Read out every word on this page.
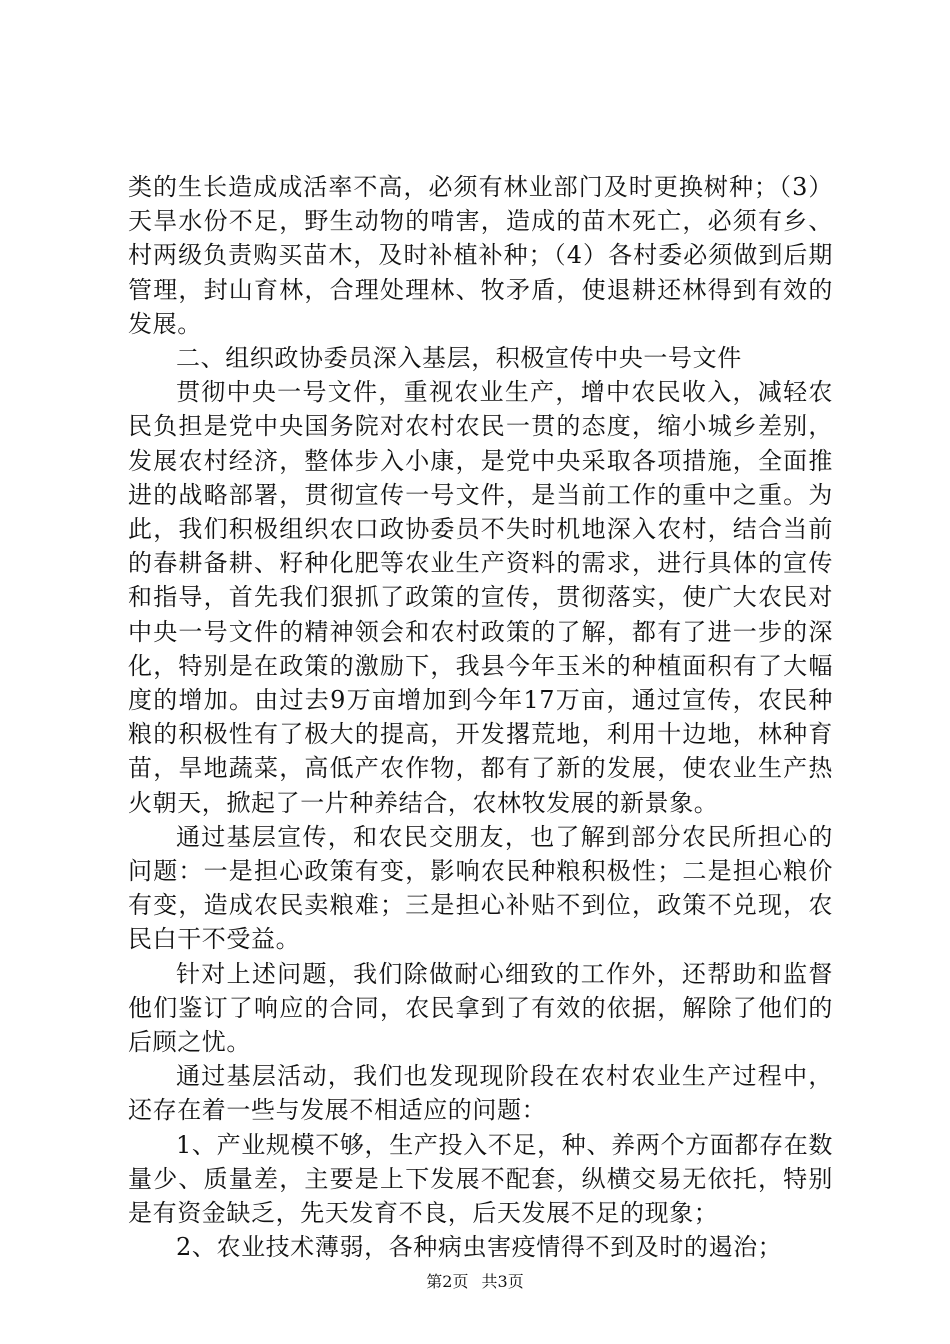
类的生长造成成活率不高，必须有林业部门及时更换树种；（3）天旱水份不足，野生动物的啃害，造成的苗木死亡，必须有乡、村两级负责购买苗木，及时补植补种；（4）各村委必须做到后期管理，封山育林，合理处理林、牧矛盾，使退耕还林得到有效的发展。

二、组织政协委员深入基层，积极宣传中央一号文件

贯彻中央一号文件，重视农业生产，增中农民收入，减轻农民负担是党中央国务院对农村农民一贯的态度，缩小城乡差别，发展农村经济，整体步入小康，是党中央采取各项措施，全面推进的战略部署，贯彻宣传一号文件，是当前工作的重中之重。为此，我们积极组织农口政协委员不失时机地深入农村，结合当前的春耕备耕、籽种化肥等农业生产资料的需求，进行具体的宣传和指导，首先我们狠抓了政策的宣传，贯彻落实，使广大农民对中央一号文件的精神领会和农村政策的了解，都有了进一步的深化，特别是在政策的激励下，我县今年玉米的种植面积有了大幅度的增加。由过去9万亩增加到今年17万亩，通过宣传，农民种粮的积极性有了极大的提高，开发撂荒地，利用十边地，林种育苗，旱地蔬菜，高低产农作物，都有了新的发展，使农业生产热火朝天，掀起了一片种养结合，农林牧发展的新景象。

通过基层宣传，和农民交朋友，也了解到部分农民所担心的问题：一是担心政策有变，影响农民种粮积极性；二是担心粮价有变，造成农民卖粮难；三是担心补贴不到位，政策不兑现，农民白干不受益。

针对上述问题，我们除做耐心细致的工作外，还帮助和监督他们鉴订了响应的合同，农民拿到了有效的依据，解除了他们的后顾之忧。

通过基层活动，我们也发现现阶段在农村农业生产过程中，还存在着一些与发展不相适应的问题：

1、产业规模不够，生产投入不足，种、养两个方面都存在数量少、质量差，主要是上下发展不配套，纵横交易无依托，特别是有资金缺乏，先天发育不良，后天发展不足的现象；

2、农业技术薄弱，各种病虫害疫情得不到及时的遏治；

第2页 共3页
